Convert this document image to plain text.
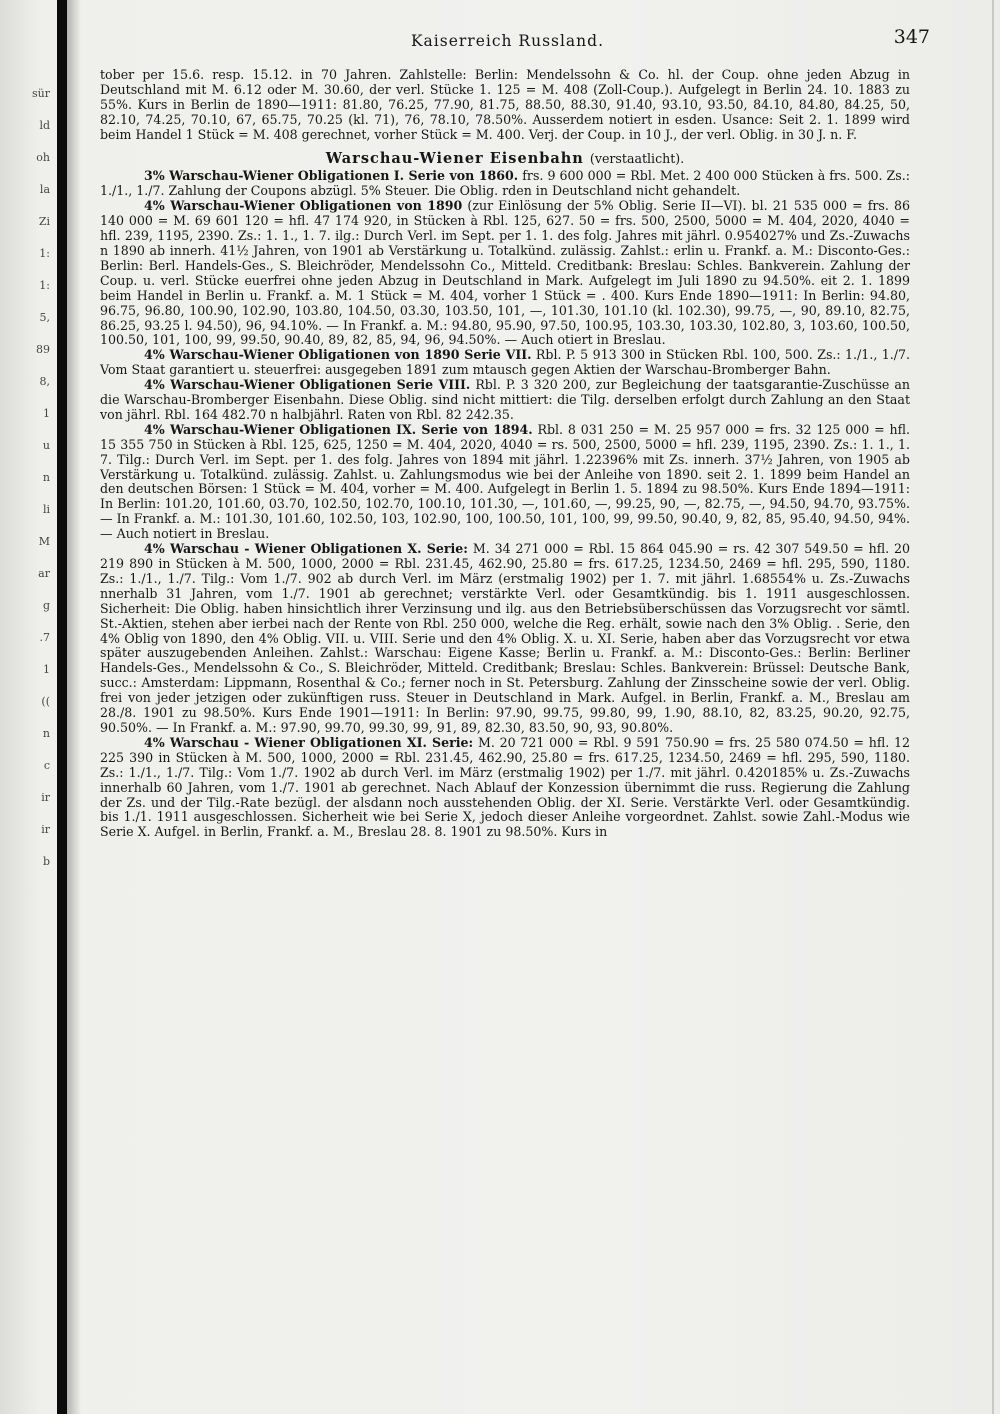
sür
ld
oh
la
Zi
1:
1:
5,
89
8,
1
u
n
li
M
ar
g
.7
1
((
n
c
ir
ir
b
Kaiserreich Russland.	347

tober per 15.6. resp. 15.12. in 70 Jahren. Zahlstelle: Berlin: Mendelssohn & Co. hl. der Coup. ohne jeden Abzug in Deutschland mit M. 6.12 oder M. 30.60, der verl. Stücke 1. 125 = M. 408 (Zoll-Coup.). Aufgelegt in Berlin 24. 10. 1883 zu 55%. Kurs in Berlin de 1890—1911: 81.80, 76.25, 77.90, 81.75, 88.50, 88.30, 91.40, 93.10, 93.50, 84.10, 84.80, 84.25, 50, 82.10, 74.25, 70.10, 67, 65.75, 70.25 (kl. 71), 76, 78.10, 78.50%. Ausserdem notiert in esden. Usance: Seit 2. 1. 1899 wird beim Handel 1 Stück = M. 408 gerechnet, vorher Stück = M. 400. Verj. der Coup. in 10 J., der verl. Oblig. in 30 J. n. F.

Warschau-Wiener Eisenbahn (verstaatlicht).

3% Warschau-Wiener Obligationen I. Serie von 1860. frs. 9 600 000 = Rbl. Met. 2 400 000 Stücken à frs. 500. Zs.: 1./1., 1./7. Zahlung der Coupons abzügl. 5% Steuer. Die Oblig. rden in Deutschland nicht gehandelt.

4% Warschau-Wiener Obligationen von 1890 (zur Einlösung der 5% Oblig. Serie II—VI). bl. 21 535 000 = frs. 86 140 000 = M. 69 601 120 = hfl. 47 174 920, in Stücken à Rbl. 125, 627. 50 = frs. 500, 2500, 5000 = M. 404, 2020, 4040 = hfl. 239, 1195, 2390. Zs.: 1. 1., 1. 7. ilg.: Durch Verl. im Sept. per 1. 1. des folg. Jahres mit jährl. 0.954027% und Zs.-Zuwachs n 1890 ab innerh. 41½ Jahren, von 1901 ab Verstärkung u. Totalkünd. zulässig. Zahlst.: erlin u. Frankf. a. M.: Disconto-Ges.: Berlin: Berl. Handels-Ges., S. Bleichröder, Mendelssohn Co., Mitteld. Creditbank: Breslau: Schles. Bankverein. Zahlung der Coup. u. verl. Stücke euerfrei ohne jeden Abzug in Deutschland in Mark. Aufgelegt im Juli 1890 zu 94.50%. eit 2. 1. 1899 beim Handel in Berlin u. Frankf. a. M. 1 Stück = M. 404, vorher 1 Stück = . 400. Kurs Ende 1890—1911: In Berlin: 94.80, 96.75, 96.80, 100.90, 102.90, 103.80, 104.50, 03.30, 103.50, 101, —, 101.30, 101.10 (kl. 102.30), 99.75, —, 90, 89.10, 82.75, 86.25, 93.25 l. 94.50), 96, 94.10%. — In Frankf. a. M.: 94.80, 95.90, 97.50, 100.95, 103.30, 103.30, 102.80, 3, 103.60, 100.50, 100.50, 101, 100, 99, 99.50, 90.40, 89, 82, 85, 94, 96, 94.50%. — Auch otiert in Breslau.

4% Warschau-Wiener Obligationen von 1890 Serie VII. Rbl. P. 5 913 300 in Stücken Rbl. 100, 500. Zs.: 1./1., 1./7. Vom Staat garantiert u. steuerfrei: ausgegeben 1891 zum mtausch gegen Aktien der Warschau-Bromberger Bahn.

4% Warschau-Wiener Obligationen Serie VIII. Rbl. P. 3 320 200, zur Begleichung der taatsgarantie-Zuschüsse an die Warschau-Bromberger Eisenbahn. Diese Oblig. sind nicht mittiert: die Tilg. derselben erfolgt durch Zahlung an den Staat von jährl. Rbl. 164 482.70 n halbjährl. Raten von Rbl. 82 242.35.

4% Warschau-Wiener Obligationen IX. Serie von 1894. Rbl. 8 031 250 = M. 25 957 000 = frs. 32 125 000 = hfl. 15 355 750 in Stücken à Rbl. 125, 625, 1250 = M. 404, 2020, 4040 = rs. 500, 2500, 5000 = hfl. 239, 1195, 2390. Zs.: 1. 1., 1. 7. Tilg.: Durch Verl. im Sept. per 1. des folg. Jahres von 1894 mit jährl. 1.22396% mit Zs. innerh. 37½ Jahren, von 1905 ab Verstärkung u. Totalkünd. zulässig. Zahlst. u. Zahlungsmodus wie bei der Anleihe von 1890. seit 2. 1. 1899 beim Handel an den deutschen Börsen: 1 Stück = M. 404, vorher = M. 400. Aufgelegt in Berlin 1. 5. 1894 zu 98.50%. Kurs Ende 1894—1911: In Berlin: 101.20, 101.60, 03.70, 102.50, 102.70, 100.10, 101.30, —, 101.60, —, 99.25, 90, —, 82.75, —, 94.50, 94.70, 93.75%. — In Frankf. a. M.: 101.30, 101.60, 102.50, 103, 102.90, 100, 100.50, 101, 100, 99, 99.50, 90.40, 9, 82, 85, 95.40, 94.50, 94%. — Auch notiert in Breslau.

4% Warschau - Wiener Obligationen X. Serie: M. 34 271 000 = Rbl. 15 864 045.90 = rs. 42 307 549.50 = hfl. 20 219 890 in Stücken à M. 500, 1000, 2000 = Rbl. 231.45, 462.90, 25.80 = frs. 617.25, 1234.50, 2469 = hfl. 295, 590, 1180. Zs.: 1./1., 1./7. Tilg.: Vom 1./7. 902 ab durch Verl. im März (erstmalig 1902) per 1. 7. mit jährl. 1.68554% u. Zs.-Zuwachs nnerhalb 31 Jahren, vom 1./7. 1901 ab gerechnet; verstärkte Verl. oder Gesamtkündig. bis 1. 1911 ausgeschlossen. Sicherheit: Die Oblig. haben hinsichtlich ihrer Verzinsung und ilg. aus den Betriebsüberschüssen das Vorzugsrecht vor sämtl. St.-Aktien, stehen aber ierbei nach der Rente von Rbl. 250 000, welche die Reg. erhält, sowie nach den 3% Oblig. . Serie, den 4% Oblig von 1890, den 4% Oblig. VII. u. VIII. Serie und den 4% Oblig. X. u. XI. Serie, haben aber das Vorzugsrecht vor etwa später auszugebenden Anleihen. Zahlst.: Warschau: Eigene Kasse; Berlin u. Frankf. a. M.: Disconto-Ges.: Berlin: Berliner Handels-Ges., Mendelssohn & Co., S. Bleichröder, Mitteld. Creditbank; Breslau: Schles. Bankverein: Brüssel: Deutsche Bank, succ.: Amsterdam: Lippmann, Rosenthal & Co.; ferner noch in St. Petersburg. Zahlung der Zinsscheine sowie der verl. Oblig. frei von jeder jetzigen oder zukünftigen russ. Steuer in Deutschland in Mark. Aufgel. in Berlin, Frankf. a. M., Breslau am 28./8. 1901 zu 98.50%. Kurs Ende 1901—1911: In Berlin: 97.90, 99.75, 99.80, 99, 1.90, 88.10, 82, 83.25, 90.20, 92.75, 90.50%. — In Frankf. a. M.: 97.90, 99.70, 99.30, 99, 91, 89, 82.30, 83.50, 90, 93, 90.80%.

4% Warschau - Wiener Obligationen XI. Serie: M. 20 721 000 = Rbl. 9 591 750.90 = frs. 25 580 074.50 = hfl. 12 225 390 in Stücken à M. 500, 1000, 2000 = Rbl. 231.45, 462.90, 25.80 = frs. 617.25, 1234.50, 2469 = hfl. 295, 590, 1180. Zs.: 1./1., 1./7. Tilg.: Vom 1./7. 1902 ab durch Verl. im März (erstmalig 1902) per 1./7. mit jährl. 0.420185% u. Zs.-Zuwachs innerhalb 60 Jahren, vom 1./7. 1901 ab gerechnet. Nach Ablauf der Konzession übernimmt die russ. Regierung die Zahlung der Zs. und der Tilg.-Rate bezügl. der alsdann noch ausstehenden Oblig. der XI. Serie. Verstärkte Verl. oder Gesamtkündig. bis 1./1. 1911 ausgeschlossen. Sicherheit wie bei Serie X, jedoch dieser Anleihe vorgeordnet. Zahlst. sowie Zahl.-Modus wie Serie X. Aufgel. in Berlin, Frankf. a. M., Breslau 28. 8. 1901 zu 98.50%. Kurs in
